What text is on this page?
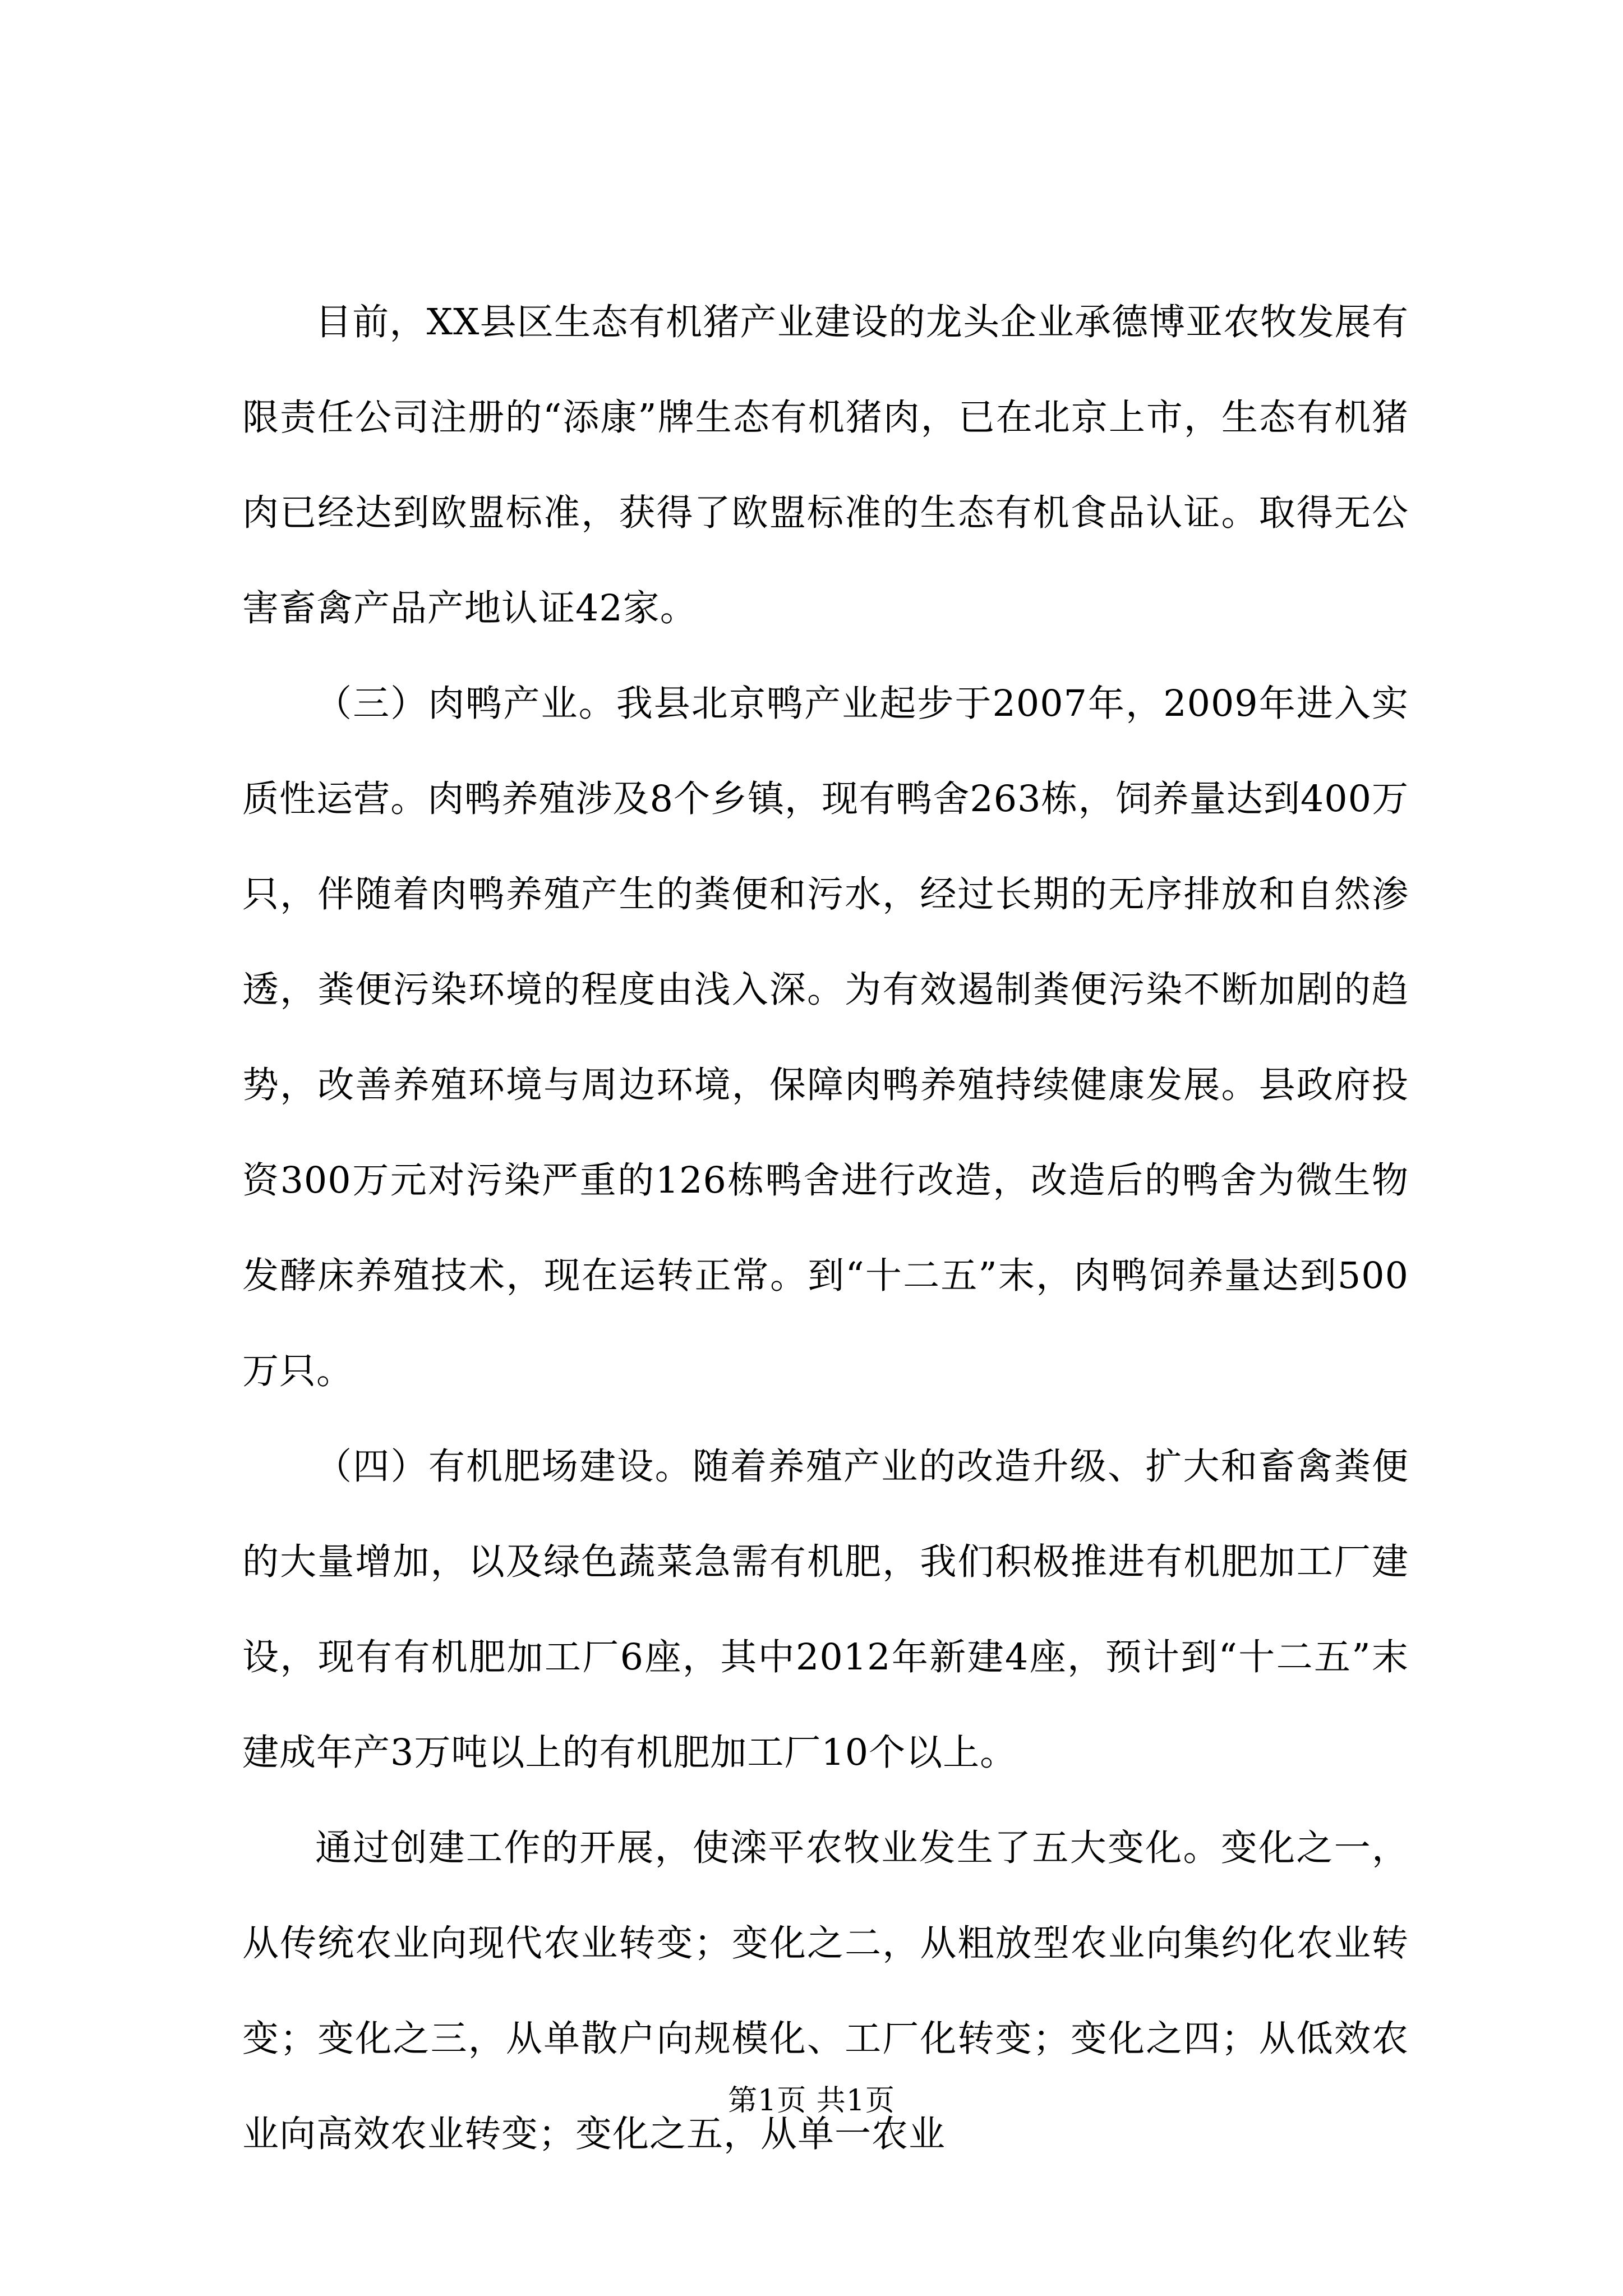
目前，XX县区生态有机猪产业建设的龙头企业承德博亚农牧发展有限责任公司注册的“添康”牌生态有机猪肉，已在北京上市，生态有机猪肉已经达到欧盟标准，获得了欧盟标准的生态有机食品认证。取得无公害畜禽产品产地认证42家。

（三）肉鸭产业。我县北京鸭产业起步于2007年，2009年进入实质性运营。肉鸭养殖涉及8个乡镇，现有鸭舍263栋，饲养量达到400万只，伴随着肉鸭养殖产生的粪便和污水，经过长期的无序排放和自然渗透，粪便污染环境的程度由浅入深。为有效遏制粪便污染不断加剧的趋势，改善养殖环境与周边环境，保障肉鸭养殖持续健康发展。县政府投资300万元对污染严重的126栋鸭舍进行改造，改造后的鸭舍为微生物发酵床养殖技术，现在运转正常。到“十二五”末，肉鸭饲养量达到500万只。

（四）有机肥场建设。随着养殖产业的改造升级、扩大和畜禽粪便的大量增加，以及绿色蔬菜急需有机肥，我们积极推进有机肥加工厂建设，现有有机肥加工厂6座，其中2012年新建4座，预计到“十二五”末建成年产3万吨以上的有机肥加工厂10个以上。

通过创建工作的开展，使滦平农牧业发生了五大变化。变化之一，从传统农业向现代农业转变；变化之二，从粗放型农业向集约化农业转变；变化之三，从单散户向规模化、工厂化转变；变化之四；从低效农业向高效农业转变；变化之五，从单一农业

第1页 共1页
